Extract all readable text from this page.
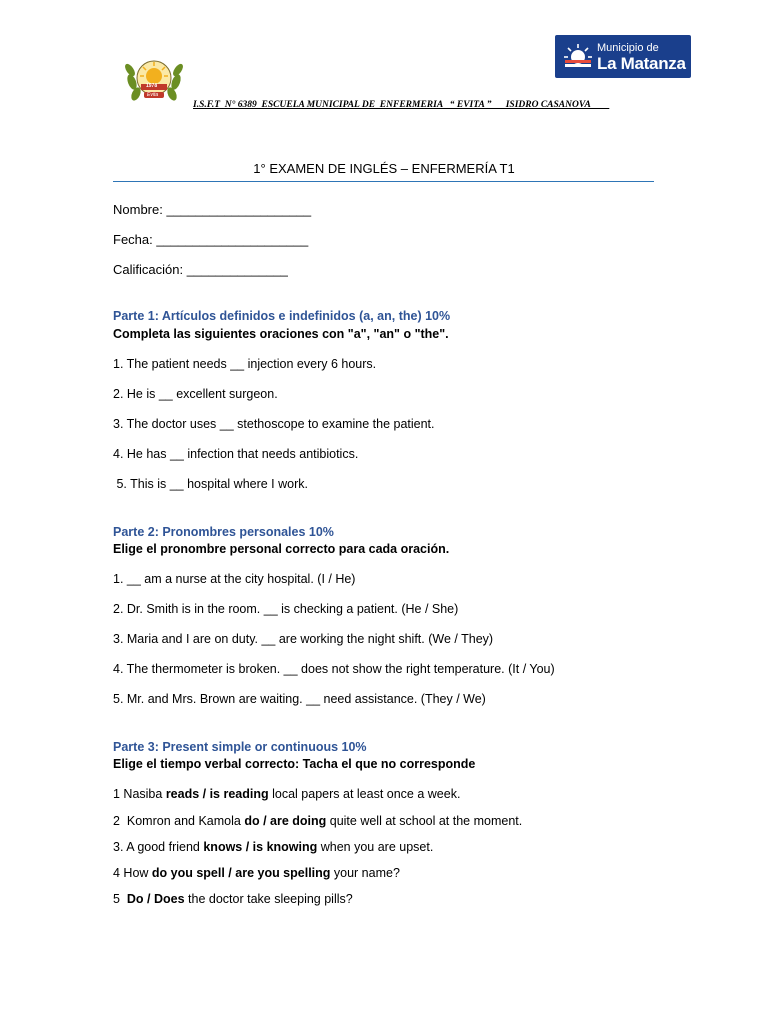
1978
Evita
I.S.F.T  N° 6389  ESCUELA MUNICIPAL DE  ENFERMERIA   “ EVITA ”      ISIDRO CASANOVA
Municipio de
La Matanza
1° EXAMEN DE INGLÉS – ENFERMERÍA T1
Nombre: ____________________
Fecha: _____________________
Calificación: ______________
Parte 1: Artículos definidos e indefinidos (a, an, the) 10%
Completa las siguientes oraciones con "a", "an" o "the".
1. The patient needs __ injection every 6 hours.
2. He is __ excellent surgeon.
3. The doctor uses __ stethoscope to examine the patient.
4. He has __ infection that needs antibiotics.
5. This is __ hospital where I work.
Parte 2: Pronombres personales 10%
Elige el pronombre personal correcto para cada oración.
1. __ am a nurse at the city hospital. (I / He)
2. Dr. Smith is in the room. __ is checking a patient. (He / She)
3. Maria and I are on duty. __ are working the night shift. (We / They)
4. The thermometer is broken. __ does not show the right temperature. (It / You)
5. Mr. and Mrs. Brown are waiting. __ need assistance. (They / We)
Parte 3: Present simple or continuous 10%
Elige el tiempo verbal correcto: Tacha el que no corresponde
1 Nasiba reads / is reading local papers at least once a week.
2  Komron and Kamola do / are doing quite well at school at the moment.
3. A good friend knows / is knowing when you are upset.
4 How do you spell / are you spelling your name?
5  Do / Does the doctor take sleeping pills?
